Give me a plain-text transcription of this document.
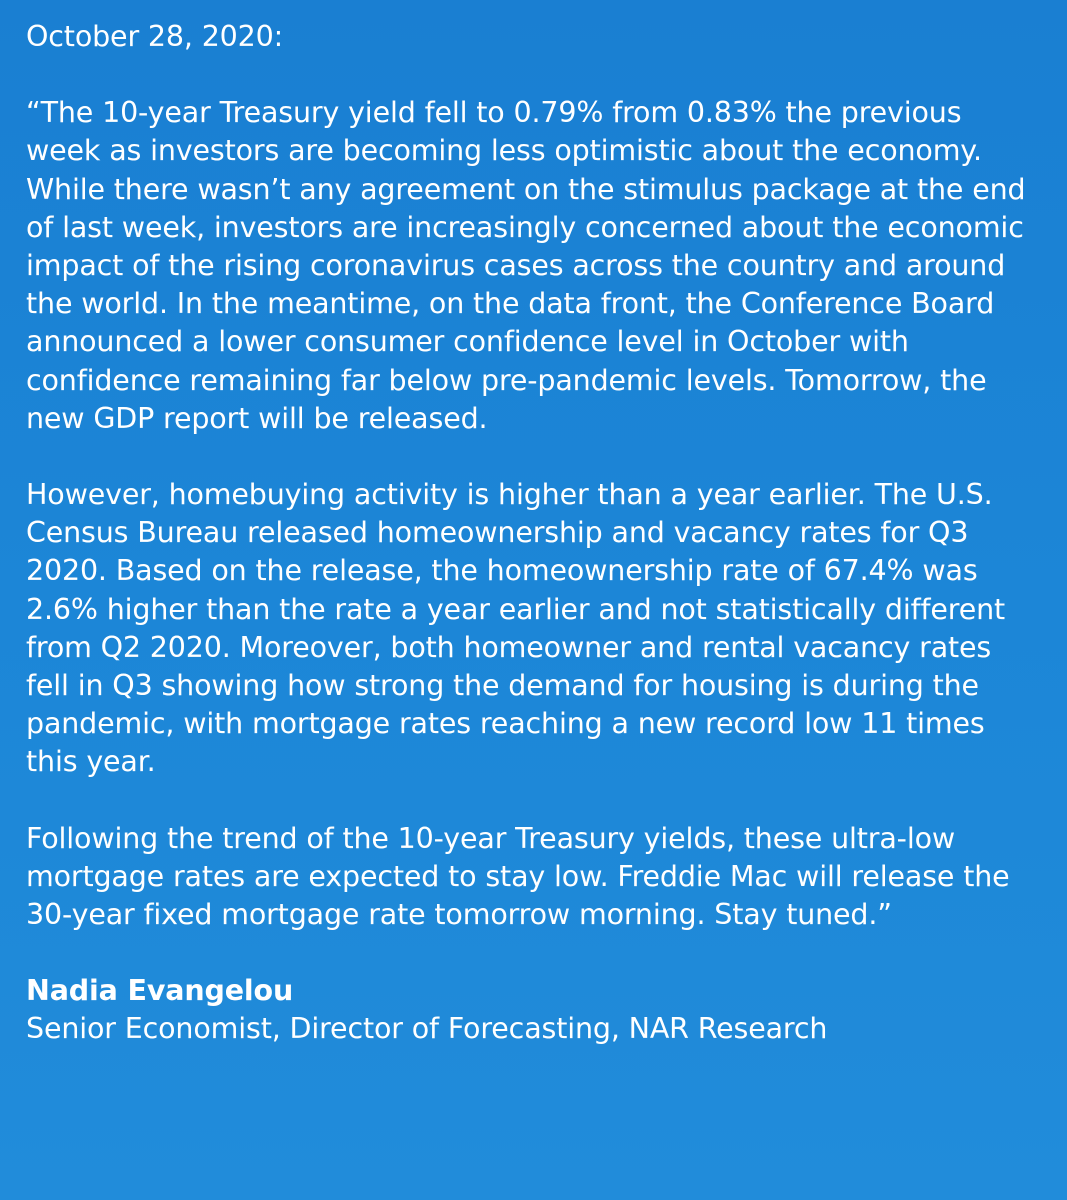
October 28, 2020:

“The 10-year Treasury yield fell to 0.79% from 0.83% the previous week as investors are becoming less optimistic about the economy. While there wasn’t any agreement on the stimulus package at the end of last week, investors are increasingly concerned about the economic impact of the rising coronavirus cases across the country and around the world. In the meantime, on the data front, the Conference Board announced a lower consumer confidence level in October with confidence remaining far below pre-pandemic levels. Tomorrow, the new GDP report will be released.

However, homebuying activity is higher than a year earlier. The U.S. Census Bureau released homeownership and vacancy rates for Q3 2020. Based on the release, the homeownership rate of 67.4% was 2.6% higher than the rate a year earlier and not statistically different from Q2 2020. Moreover, both homeowner and rental vacancy rates fell in Q3 showing how strong the demand for housing is during the pandemic, with mortgage rates reaching a new record low 11 times this year.

Following the trend of the 10-year Treasury yields, these ultra-low mortgage rates are expected to stay low. Freddie Mac will release the 30-year fixed mortgage rate tomorrow morning. Stay tuned.”

Nadia Evangelou

Senior Economist, Director of Forecasting, NAR Research
